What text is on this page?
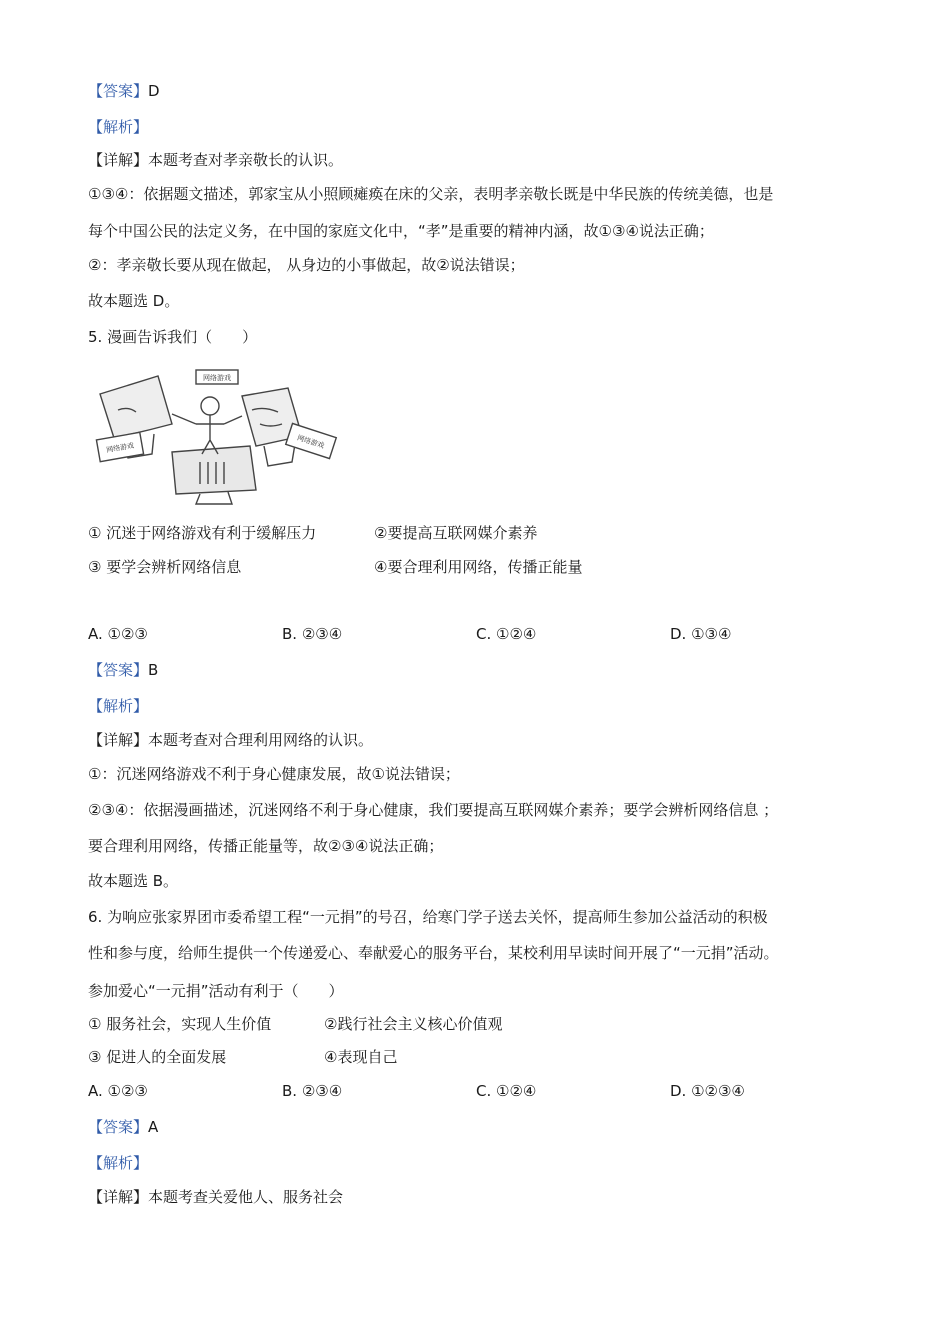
【答案】D
【解析】
【详解】本题考查对孝亲敬长的认识。
①③④：依据题文描述，郭家宝从小照顾瘫痪在床的父亲，表明孝亲敬长既是中华民族的传统美德，也是
每个中国公民的法定义务，在中国的家庭文化中，“孝”是重要的精神内涵，故①③④说法正确；
②：孝亲敬长要从现在做起， 从身边的小事做起，故②说法错误；
故本题选 D。
5. 漫画告诉我们（　　）
网络游戏
网络游戏	网络游戏
① 沉迷于网络游戏有利于缓解压力	②要提高互联网媒介素养
③ 要学会辨析网络信息	④要合理利用网络，传播正能量
A. ①②③	B. ②③④	C. ①②④	D. ①③④
【答案】B
【解析】
【详解】本题考查对合理利用网络的认识。
①：沉迷网络游戏不利于身心健康发展，故①说法错误；
②③④：依据漫画描述，沉迷网络不利于身心健康，我们要提高互联网媒介素养；要学会辨析网络信息 ；
要合理利用网络，传播正能量等，故②③④说法正确；
故本题选 B。
6. 为响应张家界团市委希望工程“一元捐”的号召，给寒门学子送去关怀，提高师生参加公益活动的积极
性和参与度，给师生提供一个传递爱心、奉献爱心的服务平台，某校利用早读时间开展了“一元捐”活动。
参加爱心“一元捐”活动有利于（　　）
① 服务社会，实现人生价值	②践行社会主义核心价值观
③ 促进人的全面发展	④表现自己
A. ①②③	B. ②③④	C. ①②④	D. ①②③④
【答案】A
【解析】
【详解】本题考查关爱他人、服务社会
